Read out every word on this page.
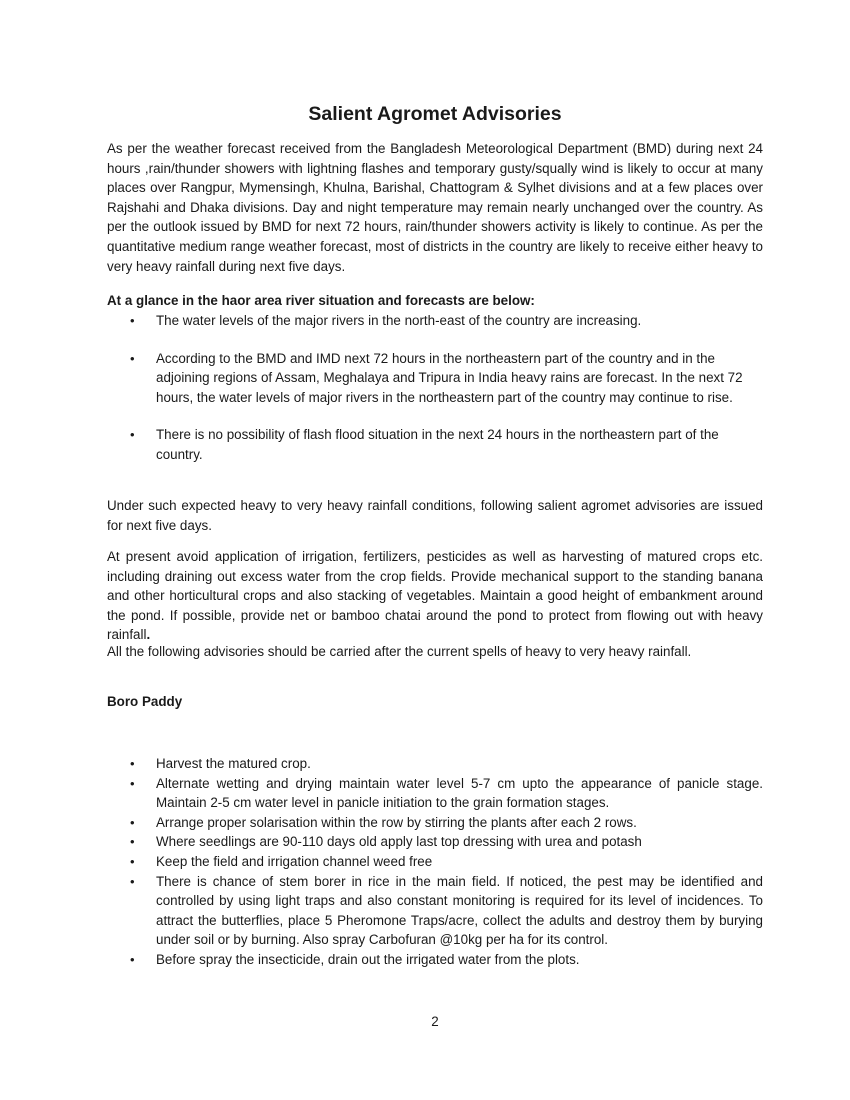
Salient Agromet Advisories

As per the weather forecast received from the Bangladesh Meteorological Department (BMD) during next 24 hours ,rain/thunder showers with lightning flashes and temporary gusty/squally wind is likely to occur at many places over Rangpur, Mymensingh, Khulna, Barishal, Chattogram & Sylhet divisions and at a few places over Rajshahi and Dhaka divisions. Day and night temperature may remain nearly unchanged over the country. As per the outlook issued by BMD for next 72 hours, rain/thunder showers activity is likely to continue. As per the quantitative medium range weather forecast, most of districts in the country are likely to receive either heavy to very heavy rainfall during next five days.

At a glance in the haor area river situation and forecasts are below:

• The water levels of the major rivers in the north-east of the country are increasing.
• According to the BMD and IMD next 72 hours in the northeastern part of the country and in the adjoining regions of Assam, Meghalaya and Tripura in India heavy rains are forecast. In the next 72 hours, the water levels of major rivers in the northeastern part of the country may continue to rise.
• There is no possibility of flash flood situation in the next 24 hours in the northeastern part of the country.

Under such expected heavy to very heavy rainfall conditions, following salient agromet advisories are issued for next five days.

At present avoid application of irrigation, fertilizers, pesticides as well as harvesting of matured crops etc. including draining out excess water from the crop fields. Provide mechanical support to the standing banana and other horticultural crops and also stacking of vegetables. Maintain a good height of embankment around the pond. If possible, provide net or bamboo chatai around the pond to protect from flowing out with heavy rainfall.

All the following advisories should be carried after the current spells of heavy to very heavy rainfall.

Boro Paddy

• Harvest the matured crop.
• Alternate wetting and drying maintain water level 5-7 cm upto the appearance of panicle stage. Maintain 2-5 cm water level in panicle initiation to the grain formation stages.
• Arrange proper solarisation within the row by stirring the plants after each 2 rows.
• Where seedlings are 90-110 days old apply last top dressing with urea and potash
• Keep the field and irrigation channel weed free
• There is chance of stem borer in rice in the main field. If noticed, the pest may be identified and controlled by using light traps and also constant monitoring is required for its level of incidences. To attract the butterflies, place 5 Pheromone Traps/acre, collect the adults and destroy them by burying under soil or by burning. Also spray Carbofuran @10kg per ha for its control.
• Before spray the insecticide, drain out the irrigated water from the plots.
2
